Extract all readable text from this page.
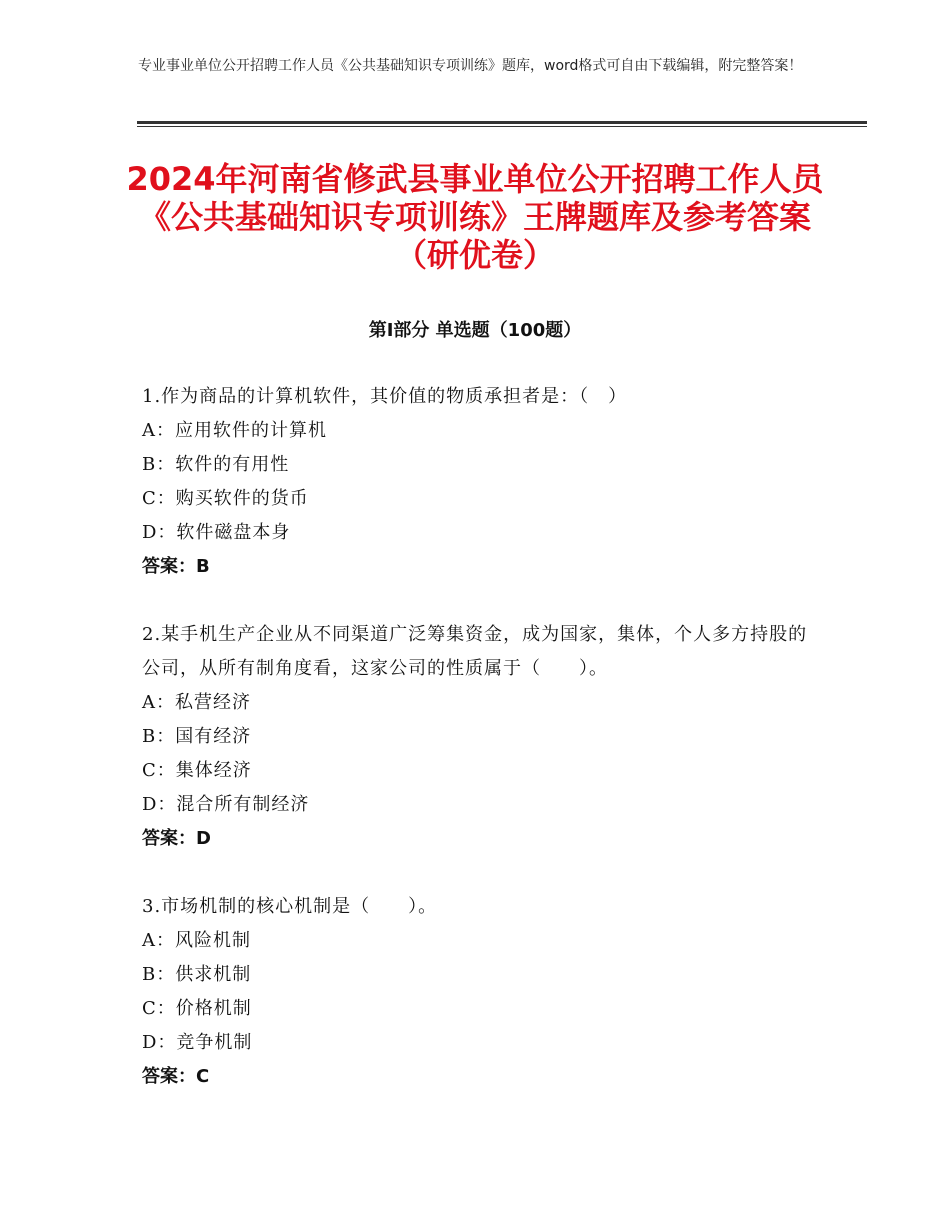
专业事业单位公开招聘工作人员《公共基础知识专项训练》题库，word格式可自由下载编辑，附完整答案！
2024年河南省修武县事业单位公开招聘工作人员《公共基础知识专项训练》王牌题库及参考答案（研优卷）
第Ⅰ部分 单选题（100题）

1.作为商品的计算机软件，其价值的物质承担者是：（　）

A：应用软件的计算机

B：软件的有用性

C：购买软件的货币

D：软件磁盘本身

答案：B

2.某手机生产企业从不同渠道广泛筹集资金，成为国家，集体，个人多方持股的公司，从所有制角度看，这家公司的性质属于（　　）。

A：私营经济

B：国有经济

C：集体经济

D：混合所有制经济

答案：D

3.市场机制的核心机制是（　　）。

A：风险机制

B：供求机制

C：价格机制

D：竞争机制

答案：C
